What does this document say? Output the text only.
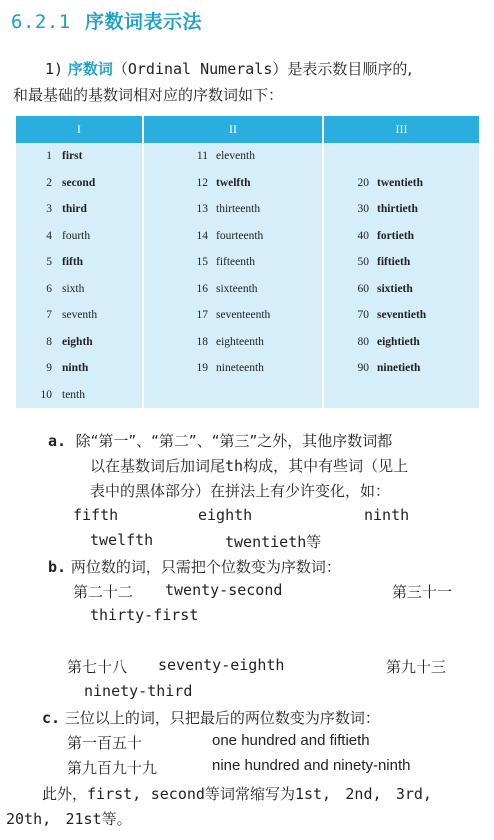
6.2.1 序数词表示法
1) 序数词（Ordinal Numerals）是表示数目顺序的,
和最基础的基数词相对应的序数词如下：
I	II	III

1 first	11 eleventh	

2 second	12 twelfth	20 twentieth

3 third	13 thirteenth	30 thirtieth

4 fourth	14 fourteenth	40 fortieth

5 fifth	15 fifteenth	50 fiftieth

6 sixth	16 sixteenth	60 sixtieth

7 seventh	17 seventeenth	70 seventieth

8 eighth	18 eighteenth	80 eightieth

9 ninth	19 nineteenth	90 ninetieth

10 tenth		

a. 除“第一”、“第二”、“第三”之外，其他序数词都
以在基数词后加词尾th构成，其中有些词（见上
表中的黑体部分）在拼法上有少许变化，如：
fifth	eighth	ninth
twelfth	twentieth等
b. 两位数的词，只需把个位数变为序数词：
第二十二 twenty-second	第三十一
thirty-first
第七十八 seventy-eighth	第九十三
ninety-third
c. 三位以上的词，只把最后的两位数变为序数词：
第一百五十	one hundred and fiftieth
第九百九十九	nine hundred and ninety-ninth
此外，first, second等词常缩写为1st, 2nd, 3rd,
20th, 21st等。
